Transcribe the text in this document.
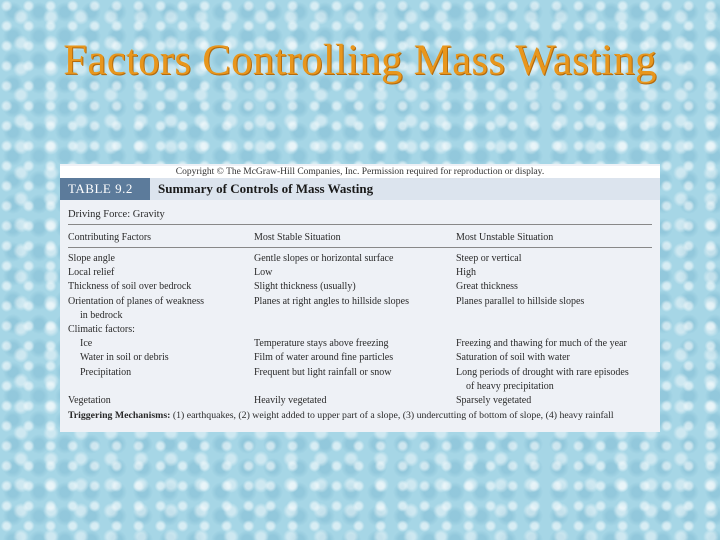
Factors Controlling Mass Wasting
Copyright © The McGraw-Hill Companies, Inc. Permission required for reproduction or display.
TABLE 9.2	Summary of Controls of Mass Wasting
Driving Force: Gravity
Contributing Factors	Most Stable Situation	Most Unstable Situation
Slope angle	Gentle slopes or horizontal surface	Steep or vertical
Local relief	Low	High
Thickness of soil over bedrock	Slight thickness (usually)	Great thickness
Orientation of planes of weakness	Planes at right angles to hillside slopes	Planes parallel to hillside slopes
in bedrock
Climatic factors:
Ice	Temperature stays above freezing	Freezing and thawing for much of the year
Water in soil or debris	Film of water around fine particles	Saturation of soil with water
Precipitation	Frequent but light rainfall or snow	Long periods of drought with rare episodes
of heavy precipitation
Vegetation	Heavily vegetated	Sparsely vegetated
Triggering Mechanisms: (1) earthquakes, (2) weight added to upper part of a slope, (3) undercutting of bottom of slope, (4) heavy rainfall
